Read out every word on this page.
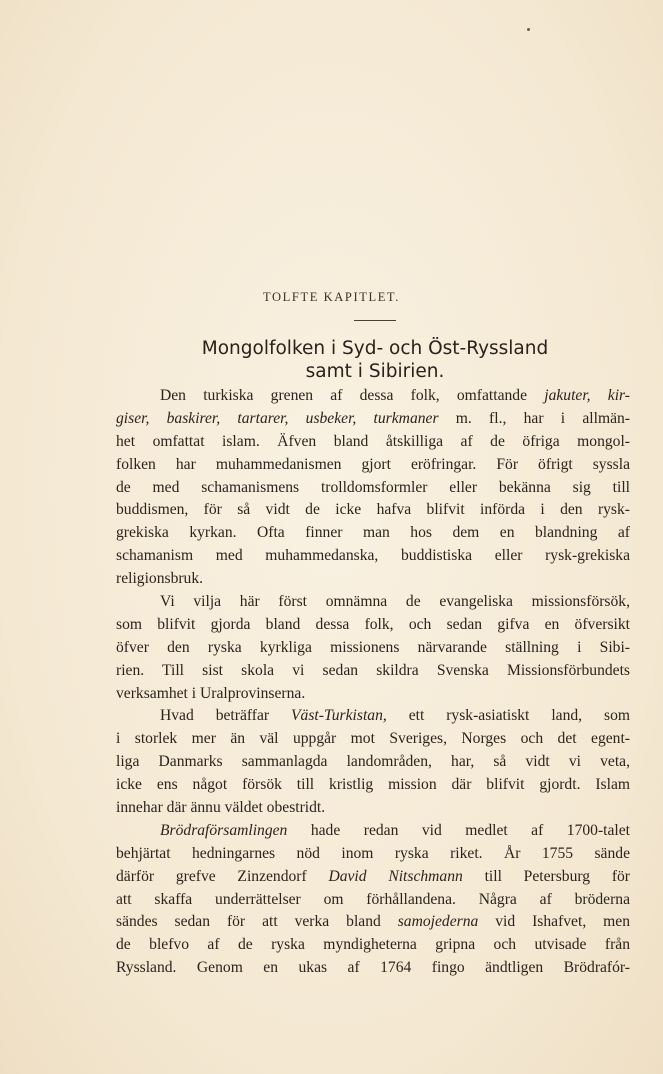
TOLFTE KAPITLET.
Mongolfolken i Syd- och Öst-Ryssland
samt i Sibirien.
Den turkiska grenen af dessa folk, omfattande jakuter, kir-
giser, baskirer, tartarer, usbeker, turkmaner m. fl., har i allmän-
het omfattat islam. Äfven bland åtskilliga af de öfriga mongol-
folken har muhammedanismen gjort eröfringar. För öfrigt syssla
de med schamanismens trolldomsformler eller bekänna sig till
buddismen, för så vidt de icke hafva blifvit införda i den rysk-
grekiska kyrkan. Ofta finner man hos dem en blandning af
schamanism med muhammedanska, buddistiska eller rysk-grekiska
religionsbruk.
Vi vilja här först omnämna de evangeliska missionsförsök,
som blifvit gjorda bland dessa folk, och sedan gifva en öfversikt
öfver den ryska kyrkliga missionens närvarande ställning i Sibi-
rien. Till sist skola vi sedan skildra Svenska Missionsförbundets
verksamhet i Uralprovinserna.
Hvad beträffar Väst-Turkistan, ett rysk-asiatiskt land, som
i storlek mer än väl uppgår mot Sveriges, Norges och det egent-
liga Danmarks sammanlagda landområden, har, så vidt vi veta,
icke ens något försök till kristlig mission där blifvit gjordt. Islam
innehar där ännu väldet obestridt.
Brödraförsamlingen hade redan vid medlet af 1700-talet
behjärtat hedningarnes nöd inom ryska riket. År 1755 sände
därför grefve Zinzendorf David Nitschmann till Petersburg för
att skaffa underrättelser om förhållandena. Några af bröderna
sändes sedan för att verka bland samojederna vid Ishafvet, men
de blefvo af de ryska myndigheterna gripna och utvisade från
Ryssland. Genom en ukas af 1764 fingo ändtligen Brödrafór-
